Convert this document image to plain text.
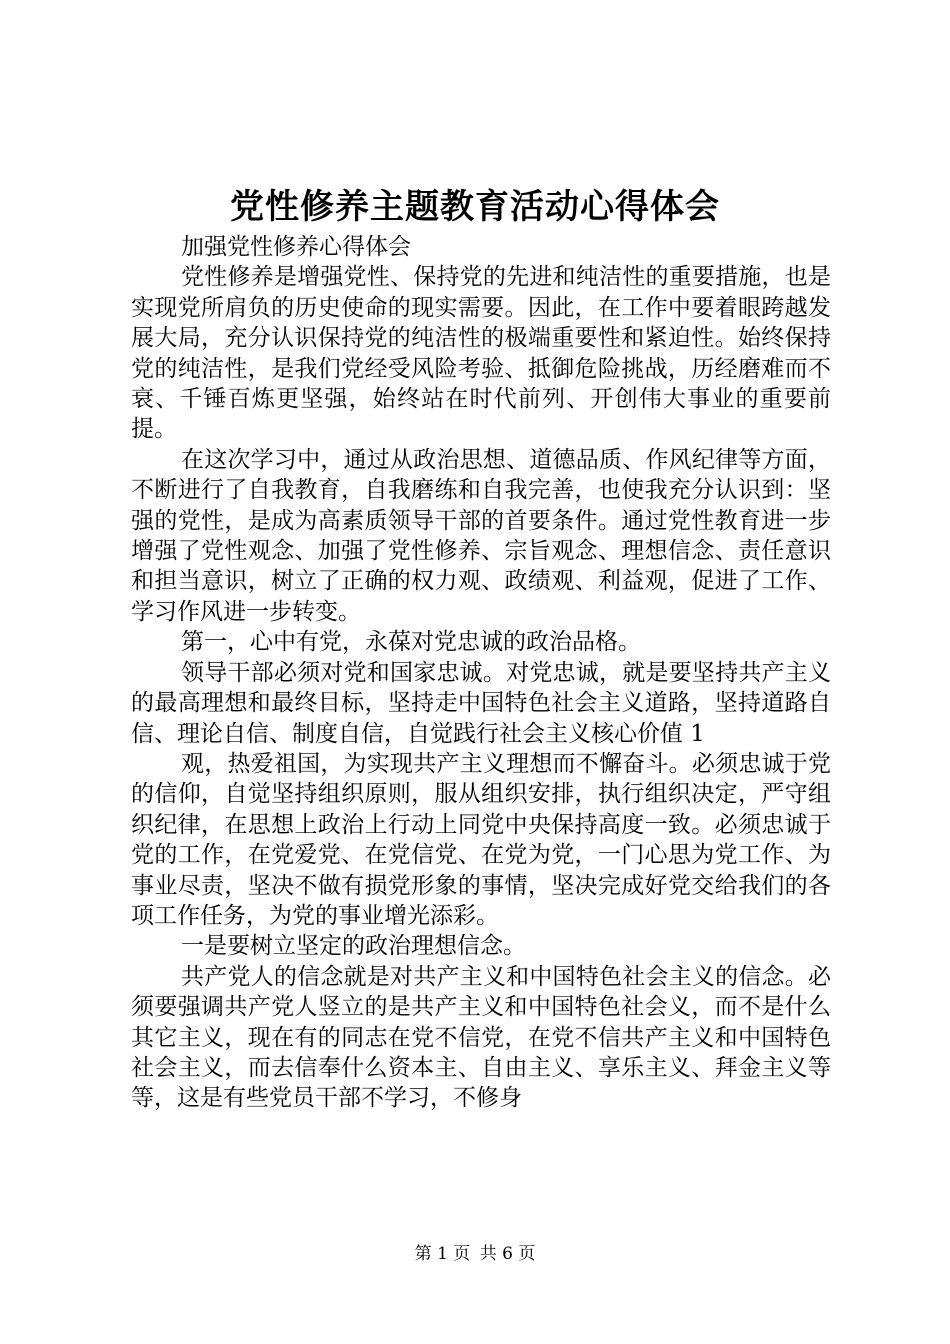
党性修养主题教育活动心得体会

加强党性修养心得体会

党性修养是增强党性、保持党的先进和纯洁性的重要措施，也是实现党所肩负的历史使命的现实需要。因此，在工作中要着眼跨越发展大局，充分认识保持党的纯洁性的极端重要性和紧迫性。始终保持党的纯洁性，是我们党经受风险考验、抵御危险挑战，历经磨难而不衰、千锤百炼更坚强，始终站在时代前列、开创伟大事业的重要前提。

在这次学习中，通过从政治思想、道德品质、作风纪律等方面，不断进行了自我教育，自我磨练和自我完善，也使我充分认识到：坚强的党性，是成为高素质领导干部的首要条件。通过党性教育进一步增强了党性观念、加强了党性修养、宗旨观念、理想信念、责任意识和担当意识，树立了正确的权力观、政绩观、利益观，促进了工作、学习作风进一步转变。

第一，心中有党，永葆对党忠诚的政治品格。

领导干部必须对党和国家忠诚。对党忠诚，就是要坚持共产主义的最高理想和最终目标，坚持走中国特色社会主义道路，坚持道路自信、理论自信、制度自信，自觉践行社会主义核心价值 1

观，热爱祖国，为实现共产主义理想而不懈奋斗。必须忠诚于党的信仰，自觉坚持组织原则，服从组织安排，执行组织决定，严守组织纪律，在思想上政治上行动上同党中央保持高度一致。必须忠诚于党的工作，在党爱党、在党信党、在党为党，一门心思为党工作、为事业尽责，坚决不做有损党形象的事情，坚决完成好党交给我们的各项工作任务，为党的事业增光添彩。

一是要树立坚定的政治理想信念。

共产党人的信念就是对共产主义和中国特色社会主义的信念。必须要强调共产党人竖立的是共产主义和中国特色社会义，而不是什么其它主义，现在有的同志在党不信党，在党不信共产主义和中国特色社会主义，而去信奉什么资本主、自由主义、享乐主义、拜金主义等等，这是有些党员干部不学习，不修身

第 1 页 共 6 页
